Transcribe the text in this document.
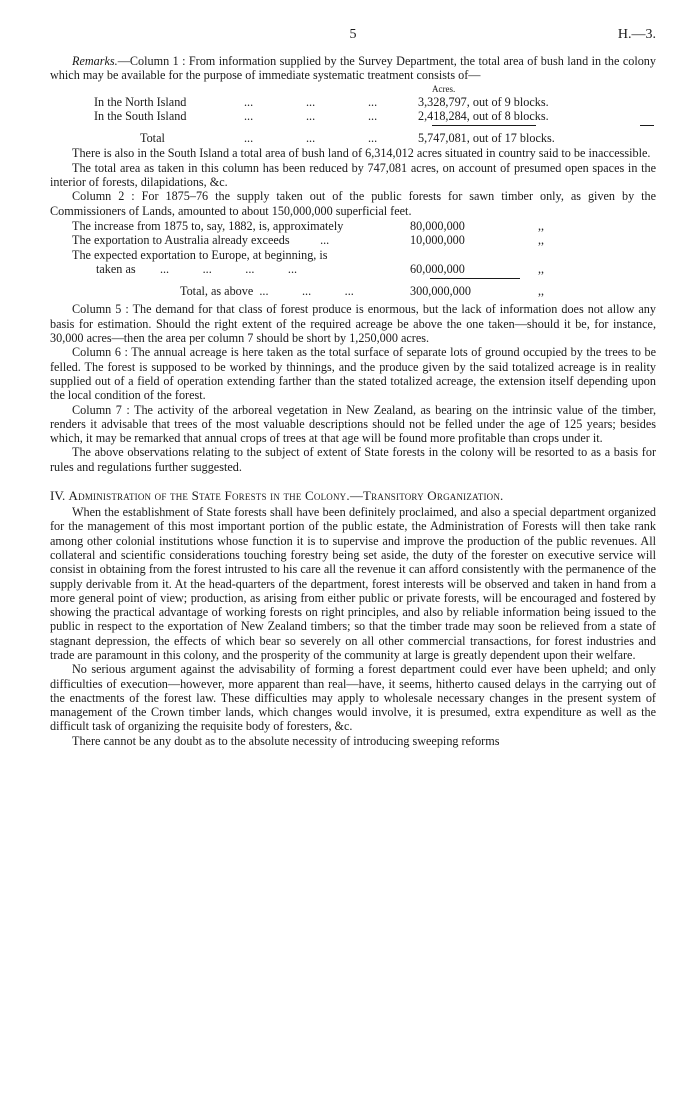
5	H.—3.

Remarks.—Column 1 : From information supplied by the Survey Department, the total area of bush land in the colony which may be available for the purpose of immediate systematic treatment consists of—

Acres.
In the North Island	...	...	...	3,328,797, out of 9 blocks.
In the South Island	...	...	...	2,418,284, out of 8 blocks.
Total	...	...	...	5,747,081, out of 17 blocks.

There is also in the South Island a total area of bush land of 6,314,012 acres situated in country said to be inaccessible.

The total area as taken in this column has been reduced by 747,081 acres, on account of presumed open spaces in the interior of forests, dilapidations, &c.

Column 2 : For 1875–76 the supply taken out of the public forests for sawn timber only, as given by the Commissioners of Lands, amounted to about 150,000,000 superficial feet.

The increase from 1875 to, say, 1882, is, approximately	80,000,000	,,
The exportation to Australia already exceeds          ...	10,000,000	,,
The expected exportation to Europe, at beginning, is
taken as        ...           ...           ...           ...	60,000,000	,,
Total, as above  ...           ...           ...	300,000,000	,,

Column 5 : The demand for that class of forest produce is enormous, but the lack of information does not allow any basis for estimation. Should the right extent of the required acreage be above the one taken—should it be, for instance, 30,000 acres—then the area per column 7 should be short by 1,250,000 acres.

Column 6 : The annual acreage is here taken as the total surface of separate lots of ground occupied by the trees to be felled. The forest is supposed to be worked by thinnings, and the produce given by the said totalized acreage is in reality supplied out of a field of operation extending farther than the stated totalized acreage, the extension itself depending upon the local condition of the forest.

Column 7 : The activity of the arboreal vegetation in New Zealand, as bearing on the intrinsic value of the timber, renders it advisable that trees of the most valuable descriptions should not be felled under the age of 125 years; besides which, it may be remarked that annual crops of trees at that age will be found more profitable than crops under it.

The above observations relating to the subject of extent of State forests in the colony will be resorted to as a basis for rules and regulations further suggested.

IV. Administration of the State Forests in the Colony.—Transitory Organization.

When the establishment of State forests shall have been definitely proclaimed, and also a special department organized for the management of this most important portion of the public estate, the Administration of Forests will then take rank among other colonial institutions whose function it is to supervise and improve the production of the public revenues. All collateral and scientific considerations touching forestry being set aside, the duty of the forester on executive service will consist in obtaining from the forest intrusted to his care all the revenue it can afford consistently with the permanence of the supply derivable from it. At the head-quarters of the department, forest interests will be observed and taken in hand from a more general point of view; production, as arising from either public or private forests, will be encouraged and fostered by showing the practical advantage of working forests on right principles, and also by reliable information being issued to the public in respect to the exportation of New Zealand timbers; so that the timber trade may soon be relieved from a state of stagnant depression, the effects of which bear so severely on all other commercial transactions, for forest industries and trade are paramount in this colony, and the prosperity of the community at large is greatly dependent upon their welfare.

No serious argument against the advisability of forming a forest department could ever have been upheld; and only difficulties of execution—however, more apparent than real—have, it seems, hitherto caused delays in the carrying out of the enactments of the forest law. These difficulties may apply to wholesale necessary changes in the present system of management of the Crown timber lands, which changes would involve, it is presumed, extra expenditure as well as the difficult task of organizing the requisite body of foresters, &c.

There cannot be any doubt as to the absolute necessity of introducing sweeping reforms
